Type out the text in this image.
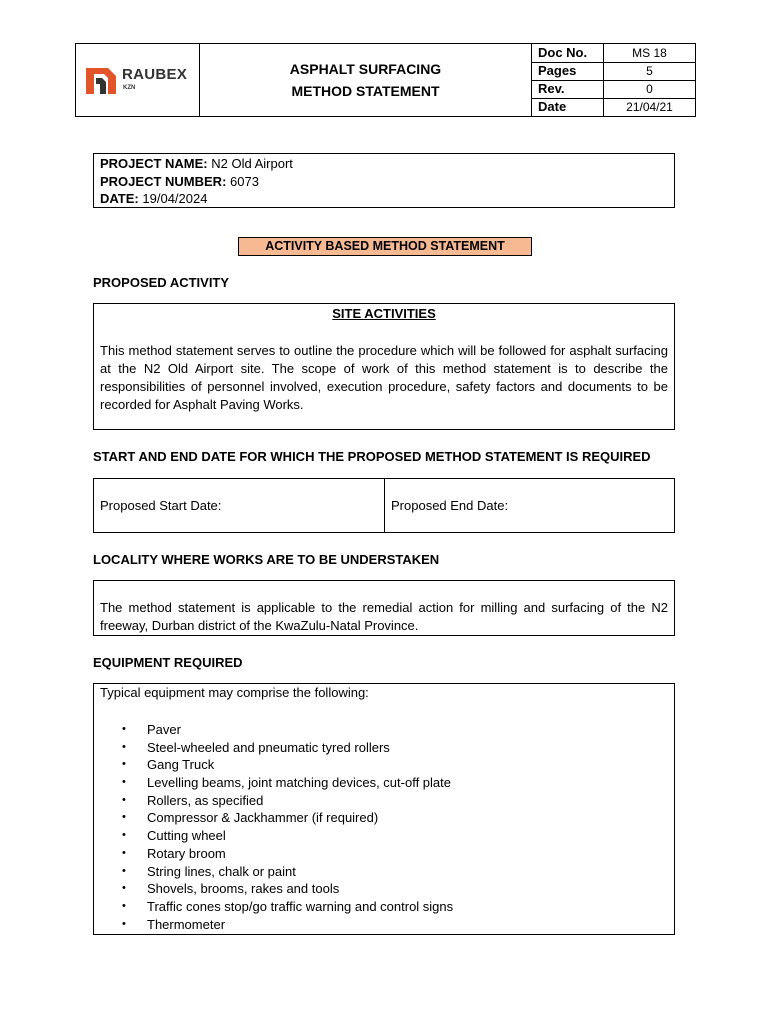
RAUBEX
KZN
ASPHALT SURFACING
METHOD STATEMENT
Doc No.	MS 18
Pages	5
Rev.	0
Date	21/04/21
PROJECT NAME: N2 Old Airport
PROJECT NUMBER: 6073
DATE: 19/04/2024
ACTIVITY BASED METHOD STATEMENT
PROPOSED ACTIVITY
SITE ACTIVITIES
This method statement serves to outline the procedure which will be followed for asphalt surfacing at the N2 Old Airport site. The scope of work of this method statement is to describe the responsibilities of personnel involved, execution procedure, safety factors and documents to be recorded for Asphalt Paving Works.
START AND END DATE FOR WHICH THE PROPOSED METHOD STATEMENT IS REQUIRED
Proposed Start Date:	Proposed End Date:
LOCALITY WHERE WORKS ARE TO BE UNDERSTAKEN
The method statement is applicable to the remedial action for milling and surfacing of the N2 freeway, Durban district of the KwaZulu-Natal Province.
EQUIPMENT REQUIRED
Typical equipment may comprise the following:
• Paver
• Steel-wheeled and pneumatic tyred rollers
• Gang Truck
• Levelling beams, joint matching devices, cut-off plate
• Rollers, as specified
• Compressor & Jackhammer (if required)
• Cutting wheel
• Rotary broom
• String lines, chalk or paint
• Shovels, brooms, rakes and tools
• Traffic cones stop/go traffic warning and control signs
• Thermometer
